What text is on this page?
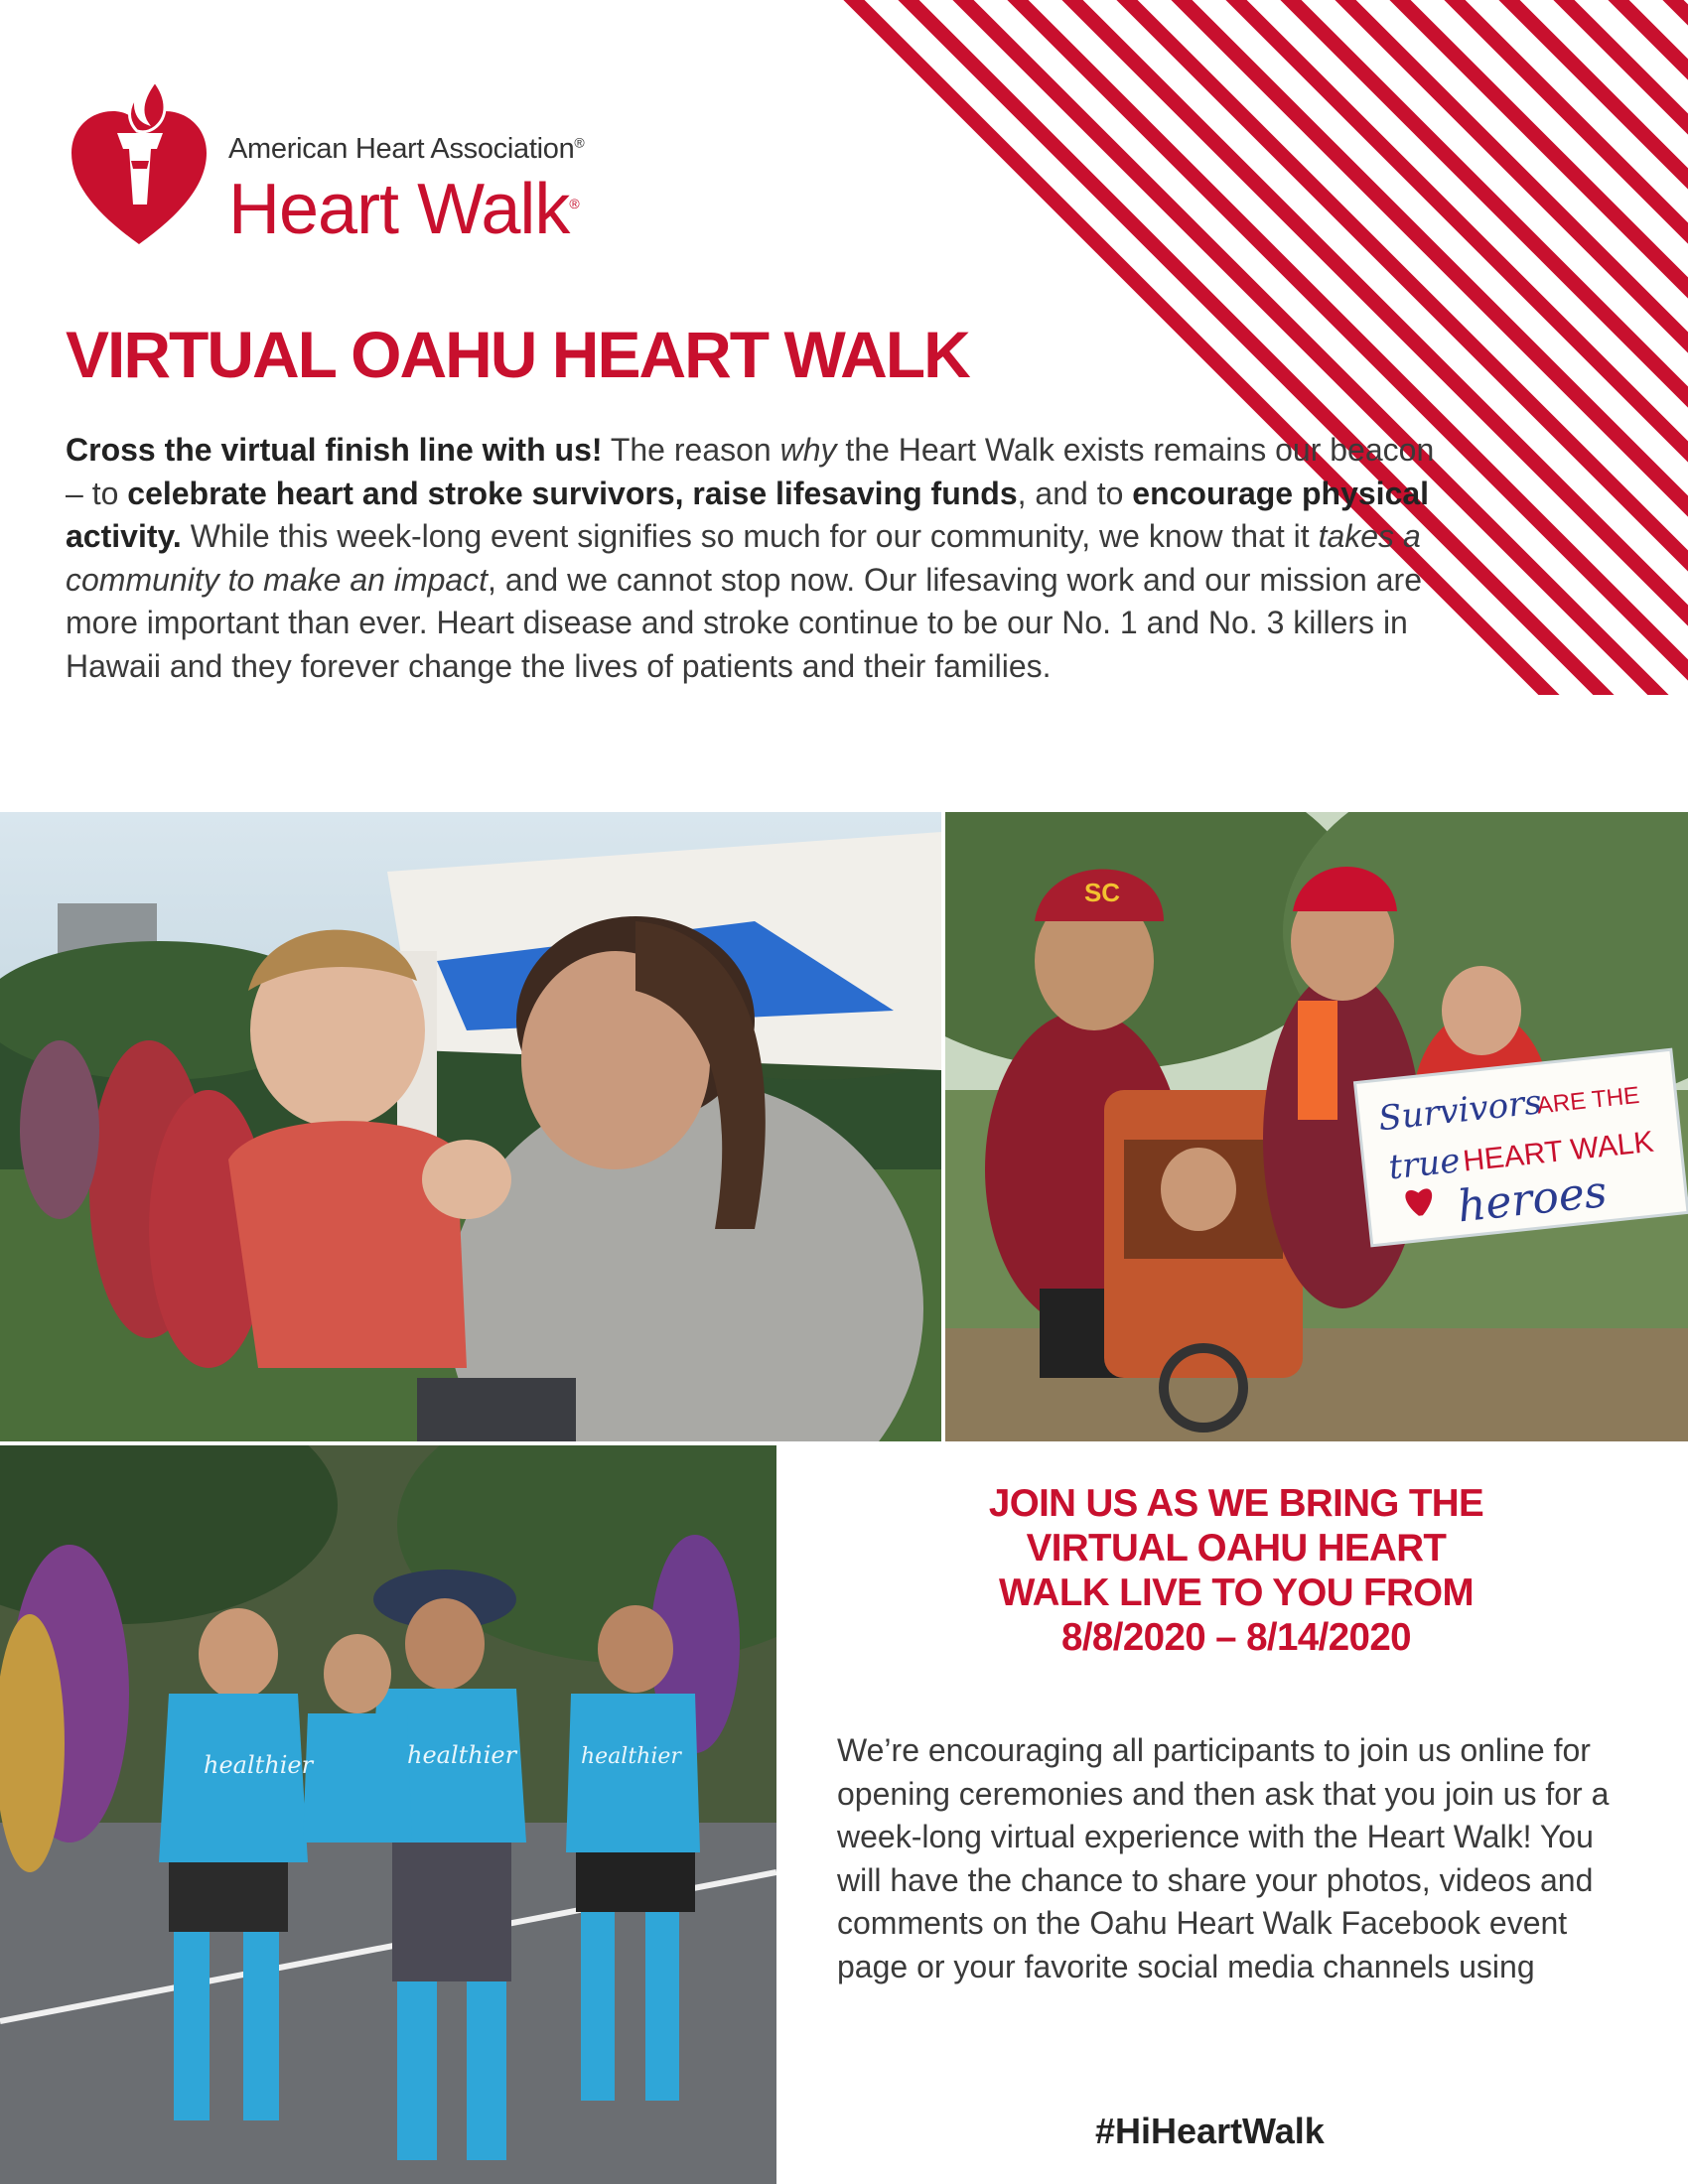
American Heart Association®
Heart Walk®
VIRTUAL OAHU HEART WALK

Cross the virtual finish line with us! The reason why the Heart Walk exists remains our beacon – to celebrate heart and stroke survivors, raise lifesaving funds, and to encourage physical activity. While this week-long event signifies so much for our community, we know that it takes a community to make an impact, and we cannot stop now. Our lifesaving work and our mission are more important than ever. Heart disease and stroke continue to be our No. 1 and No. 3 killers in Hawaii and they forever change the lives of patients and their families.

SC
Survivors
ARE THE
true HEART WALK
heroes
healthier	healthier	healthier
JOIN US AS WE BRING THE
VIRTUAL OAHU HEART
WALK LIVE TO YOU FROM
8/8/2020 – 8/14/2020

We’re encouraging all participants to join us online for opening ceremonies and then ask that you join us for a week-long virtual experience with the Heart Walk! You will have the chance to share your photos, videos and comments on the Oahu Heart Walk Facebook event page or your favorite social media channels using

#HiHeartWalk
